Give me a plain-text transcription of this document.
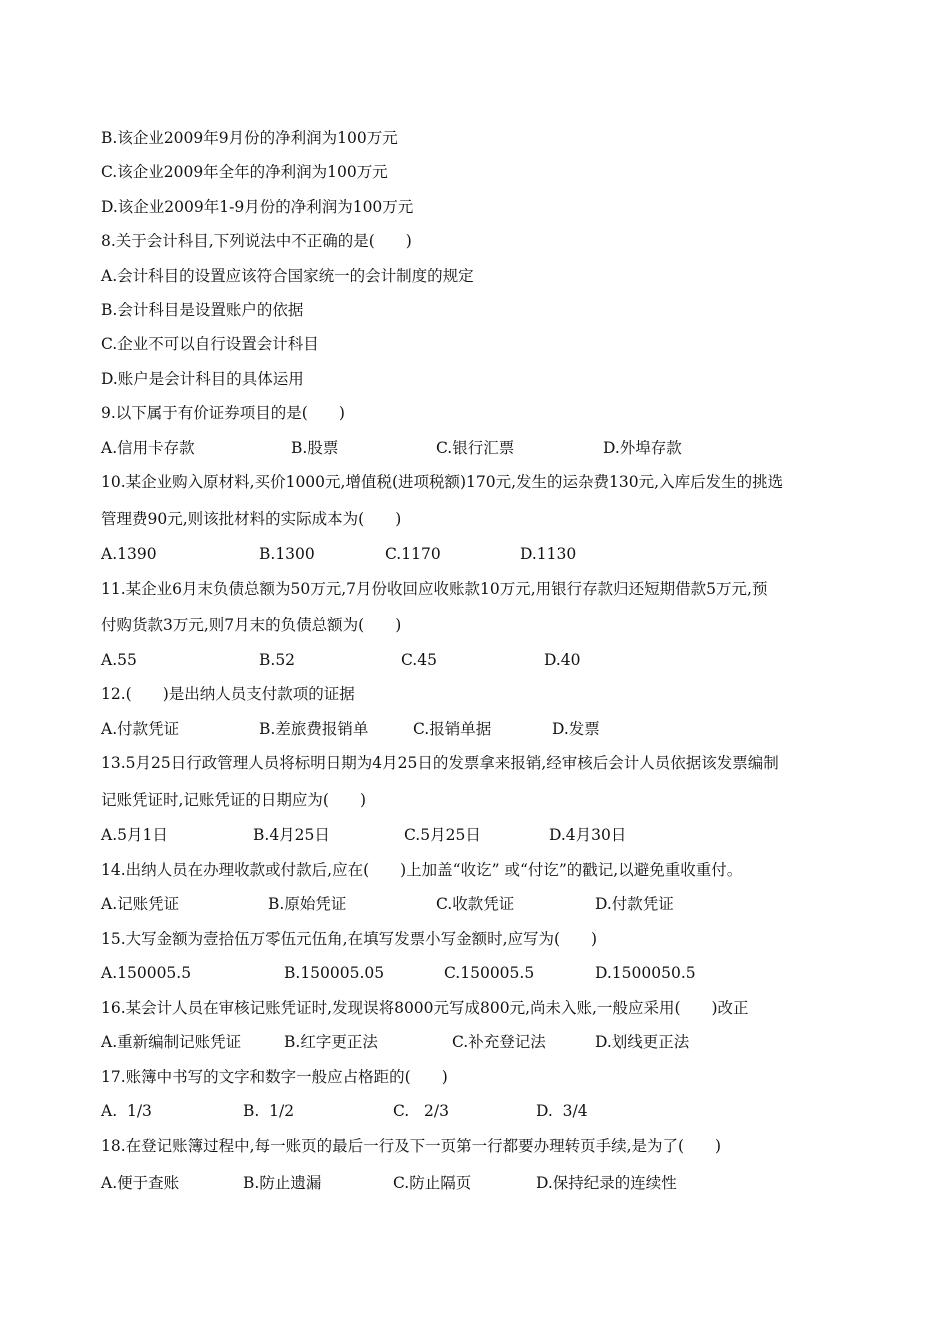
B.该企业2009年9月份的净利润为100万元
C.该企业2009年全年的净利润为100万元
D.该企业2009年1-9月份的净利润为100万元
8.关于会计科目,下列说法中不正确的是(　　)
A.会计科目的设置应该符合国家统一的会计制度的规定
B.会计科目是设置账户的依据
C.企业不可以自行设置会计科目
D.账户是会计科目的具体运用
9.以下属于有价证券项目的是(　　)
A.信用卡存款	B.股票	C.银行汇票	D.外埠存款
10.某企业购入原材料,买价1000元,增值税(进项税额)170元,发生的运杂费130元,入库后发生的挑选
管理费90元,则该批材料的实际成本为(　　)
A.1390	B.1300	C.1170	D.1130
11.某企业6月末负债总额为50万元,7月份收回应收账款10万元,用银行存款归还短期借款5万元,预
付购货款3万元,则7月末的负债总额为(　　)
A.55	B.52	C.45	D.40
12.(　　)是出纳人员支付款项的证据
A.付款凭证	B.差旅费报销单	C.报销单据	D.发票
13.5月25日行政管理人员将标明日期为4月25日的发票拿来报销,经审核后会计人员依据该发票编制
记账凭证时,记账凭证的日期应为(　　)
A.5月1日	B.4月25日	C.5月25日	D.4月30日
14.出纳人员在办理收款或付款后,应在(　　)上加盖“收讫” 或“付讫”的戳记,以避免重收重付。
A.记账凭证	B.原始凭证	C.收款凭证	D.付款凭证
15.大写金额为壹拾伍万零伍元伍角,在填写发票小写金额时,应写为(　　)
A.150005.5	B.150005.05	C.150005.5	D.1500050.5
16.某会计人员在审核记账凭证时,发现误将8000元写成800元,尚未入账,一般应采用(　　)改正
A.重新编制记账凭证	B.红字更正法	C.补充登记法	D.划线更正法
17.账簿中书写的文字和数字一般应占格距的(　　)
A.  1/3	B.  1/2	C.   2/3	D.  3/4
18.在登记账簿过程中,每一账页的最后一行及下一页第一行都要办理转页手续,是为了(　　)
A.便于查账	B.防止遗漏	C.防止隔页	D.保持纪录的连续性
